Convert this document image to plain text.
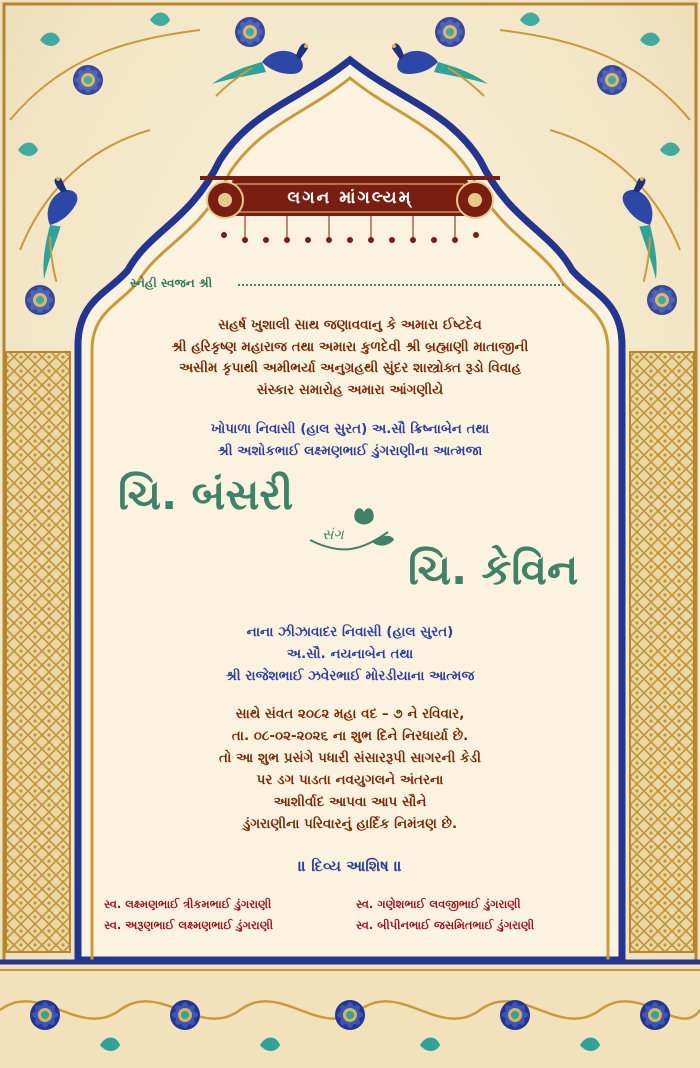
લગન માંગલ્યમ્
સ્નેહી સ્વજન શ્રી
સહર્ષ ખુશાલી સાથ જણાવવાનુ કે અમારા ઈષ્ટદેવ
શ્રી હરિકૃષ્ણ મહારાજ તથા અમારા કુળદેવી શ્રી બ્રહ્માણી માતાજીની
અસીમ કૃપાથી અમીભર્યા અનુગ્રહથી સુંદર શાસ્ત્રોક્ત રૂડો વિવાહ
સંસ્કાર સમારોહ અમારા આંગણીયે
ખોપાળા નિવાસી (હાલ સુરત) અ.સૌ ક્રિષ્નાબેન તથા
શ્રી અશોકભાઈ લક્ષ્મણભાઈ ડુંગરાણીના આત્મજા
ચિ. બંસરી
સંગ
ચિ. કેવિન
નાના ઝીઝાવાદર નિવાસી (હાલ સુરત)
અ.સૌ. નયનાબેન તથા
શ્રી રાજેશભાઈ ઝવેરભાઈ મોરડીયાના આત્મજ
સાથે સંવત ૨૦૮૨ મહા વદ – ૭ ને રવિવાર,
તા. ૦૮-૦૨-૨૦૨૬ ના શુભ દિને નિરધાર્યા છે.
તો આ શુભ પ્રસંગે પધારી સંસારરૂપી સાગરની કેડી
પર ડગ પાડતા નવયુગલને અંતરના
આશીર્વાદ આપવા આપ સૌને
ડુંગરાણીના પરિવારનું હાર્દિક નિમંત્રણ છે.
॥ દિવ્ય આશિષ ॥
સ્વ. લક્ષ્મણભાઈ ત્રીકમભાઈ ડુંગરાણી	સ્વ. ગણેશભાઈ લવજીભાઈ ડુંગરાણી
સ્વ. અરૂણભાઈ લક્ષ્મણભાઈ ડુંગરાણી	સ્વ. બીપીનભાઈ જસમિતભાઈ ડુંગરાણી
